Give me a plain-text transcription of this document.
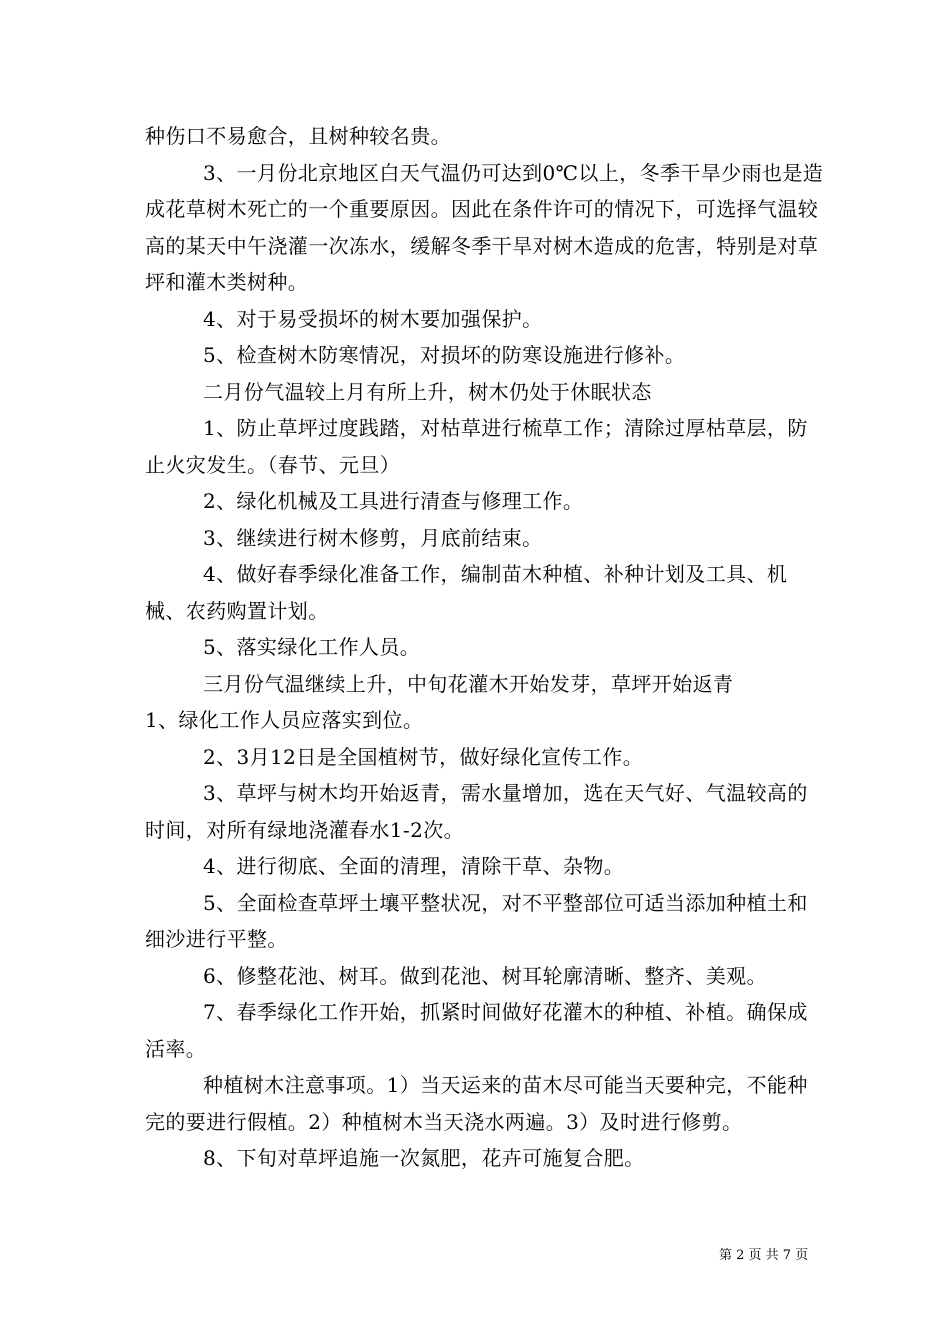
种伤口不易愈合，且树种较名贵。

3、一月份北京地区白天气温仍可达到0℃以上，冬季干旱少雨也是造成花草树木死亡的一个重要原因。因此在条件许可的情况下，可选择气温较高的某天中午浇灌一次冻水，缓解冬季干旱对树木造成的危害，特别是对草坪和灌木类树种。

4、对于易受损坏的树木要加强保护。

5、检查树木防寒情况，对损坏的防寒设施进行修补。

二月份气温较上月有所上升，树木仍处于休眠状态

1、防止草坪过度践踏，对枯草进行梳草工作；清除过厚枯草层，防止火灾发生。（春节、元旦）

2、绿化机械及工具进行清查与修理工作。

3、继续进行树木修剪，月底前结束。

4、做好春季绿化准备工作，编制苗木种植、补种计划及工具、机械、农药购置计划。

5、落实绿化工作人员。

三月份气温继续上升，中旬花灌木开始发芽，草坪开始返青

1、绿化工作人员应落实到位。

2、3月12日是全国植树节，做好绿化宣传工作。

3、草坪与树木均开始返青，需水量增加，选在天气好、气温较高的时间，对所有绿地浇灌春水1-2次。

4、进行彻底、全面的清理，清除干草、杂物。

5、全面检查草坪土壤平整状况，对不平整部位可适当添加种植土和细沙进行平整。

6、修整花池、树耳。做到花池、树耳轮廓清晰、整齐、美观。

7、春季绿化工作开始，抓紧时间做好花灌木的种植、补植。确保成活率。

种植树木注意事项。1）当天运来的苗木尽可能当天要种完，不能种完的要进行假植。2）种植树木当天浇水两遍。3）及时进行修剪。

8、下旬对草坪追施一次氮肥，花卉可施复合肥。

第 2 页 共 7 页
